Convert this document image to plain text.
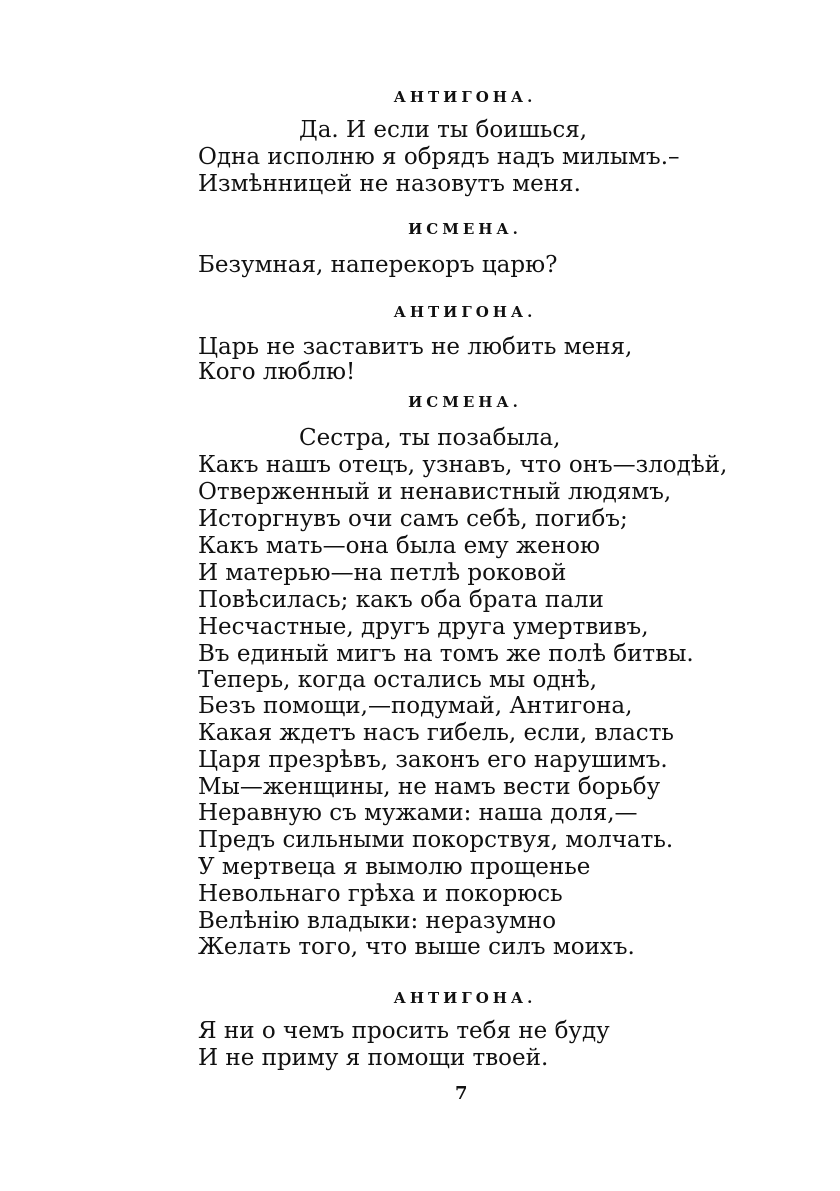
АНТИГОНА.
Да. И если ты боишься,
Одна исполню я обрядъ надъ милымъ.–
Измѣнницей не назовутъ меня.
ИСМЕНА.
Безумная, наперекоръ царю?
АНТИГОНА.
Царь не заставитъ не любить меня,
Кого люблю!
ИСМЕНА.
Сестра, ты позабыла,
Какъ нашъ отецъ, узнавъ, что онъ—злодѣй,
Отверженный и ненавистный людямъ,
Исторгнувъ очи самъ себѣ, погибъ;
Какъ мать—она была ему женою
И матерью—на петлѣ роковой
Повѣсилась; какъ оба брата пали
Несчастные, другъ друга умертвивъ,
Въ единый мигъ на томъ же полѣ битвы.
Теперь, когда остались мы однѣ,
Безъ помощи,—подумай, Антигона,
Какая ждетъ насъ гибель, если, власть
Царя презрѣвъ, законъ его нарушимъ.
Мы—женщины, не намъ вести борьбу
Неравную съ мужами: наша доля,—
Предъ сильными покорствуя, молчать.
У мертвеца я вымолю прощенье
Невольнаго грѣха и покорюсь
Велѣнію владыки: неразумно
Желать того, что выше силъ моихъ.
АНТИГОНА.
Я ни о чемъ просить тебя не буду
И не приму я помощи твоей.
7
